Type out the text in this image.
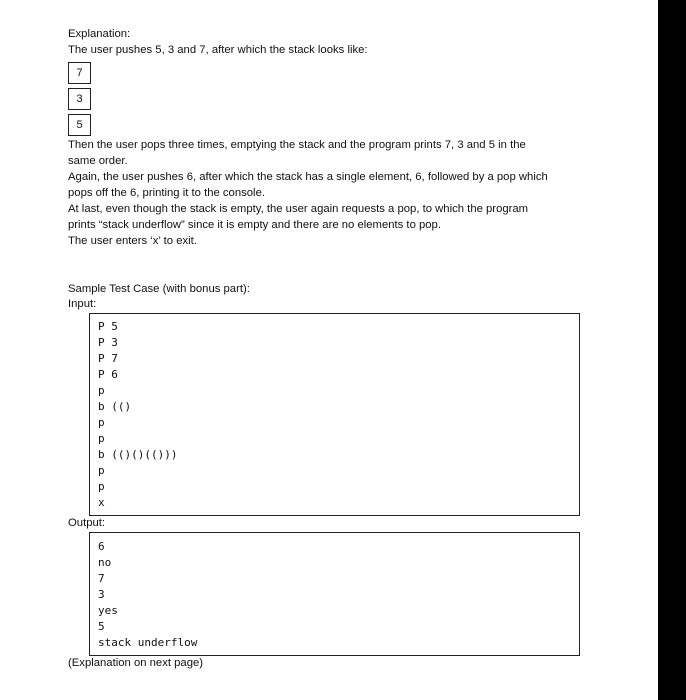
Explanation:
The user pushes 5, 3 and 7, after which the stack looks like:
7
3
5
Then the user pops three times, emptying the stack and the program prints 7, 3 and 5 in the
same order.
Again, the user pushes 6, after which the stack has a single element, 6, followed by a pop which
pops off the 6, printing it to the console.
At last, even though the stack is empty, the user again requests a pop, to which the program
prints “stack underflow” since it is empty and there are no elements to pop.
The user enters ‘x’ to exit.
Sample Test Case (with bonus part):
Input:
P 5
P 3
P 7
P 6
p
b (()
p
p
b (()()(()))
p
p
x
Output:
6
no
7
3
yes
5
stack underflow
(Explanation on next page)
